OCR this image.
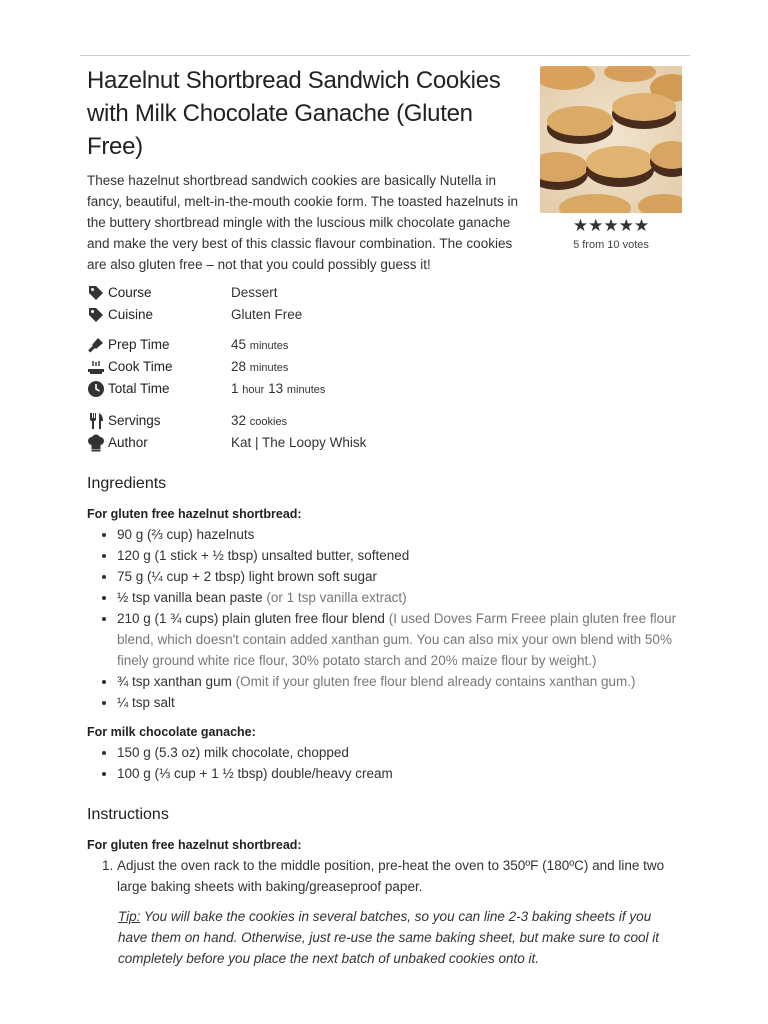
Hazelnut Shortbread Sandwich Cookies with Milk Chocolate Ganache (Gluten Free)

These hazelnut shortbread sandwich cookies are basically Nutella in fancy, beautiful, melt-in-the-mouth cookie form. The toasted hazelnuts in the buttery shortbread mingle with the luscious milk chocolate ganache and make the very best of this classic flavour combination. The cookies are also gluten free – not that you could possibly guess it!

★★★★★
5 from 10 votes
Course	Dessert
Cuisine	Gluten Free
Prep Time	45 minutes
Cook Time	28 minutes
Total Time	1 hour 13 minutes
Servings	32 cookies
Author	Kat | The Loopy Whisk
Ingredients

For gluten free hazelnut shortbread:

• 90 g (⅔ cup) hazelnuts
• 120 g (1 stick + ½ tbsp) unsalted butter, softened
• 75 g (¼ cup + 2 tbsp) light brown soft sugar
• ½ tsp vanilla bean paste (or 1 tsp vanilla extract)
• 210 g (1 ¾ cups) plain gluten free flour blend (I used Doves Farm Freee plain gluten free flour blend, which doesn't contain added xanthan gum. You can also mix your own blend with 50% finely ground white rice flour, 30% potato starch and 20% maize flour by weight.)
• ¾ tsp xanthan gum (Omit if your gluten free flour blend already contains xanthan gum.)
• ¼ tsp salt

For milk chocolate ganache:

• 150 g (5.3 oz) milk chocolate, chopped
• 100 g (⅓ cup + 1 ½ tbsp) double/heavy cream
Instructions

For gluten free hazelnut shortbread:

1. Adjust the oven rack to the middle position, pre-heat the oven to 350ºF (180ºC) and line two large baking sheets with baking/greaseproof paper.

Tip: You will bake the cookies in several batches, so you can line 2-3 baking sheets if you have them on hand. Otherwise, just re-use the same baking sheet, but make sure to cool it completely before you place the next batch of unbaked cookies onto it.
